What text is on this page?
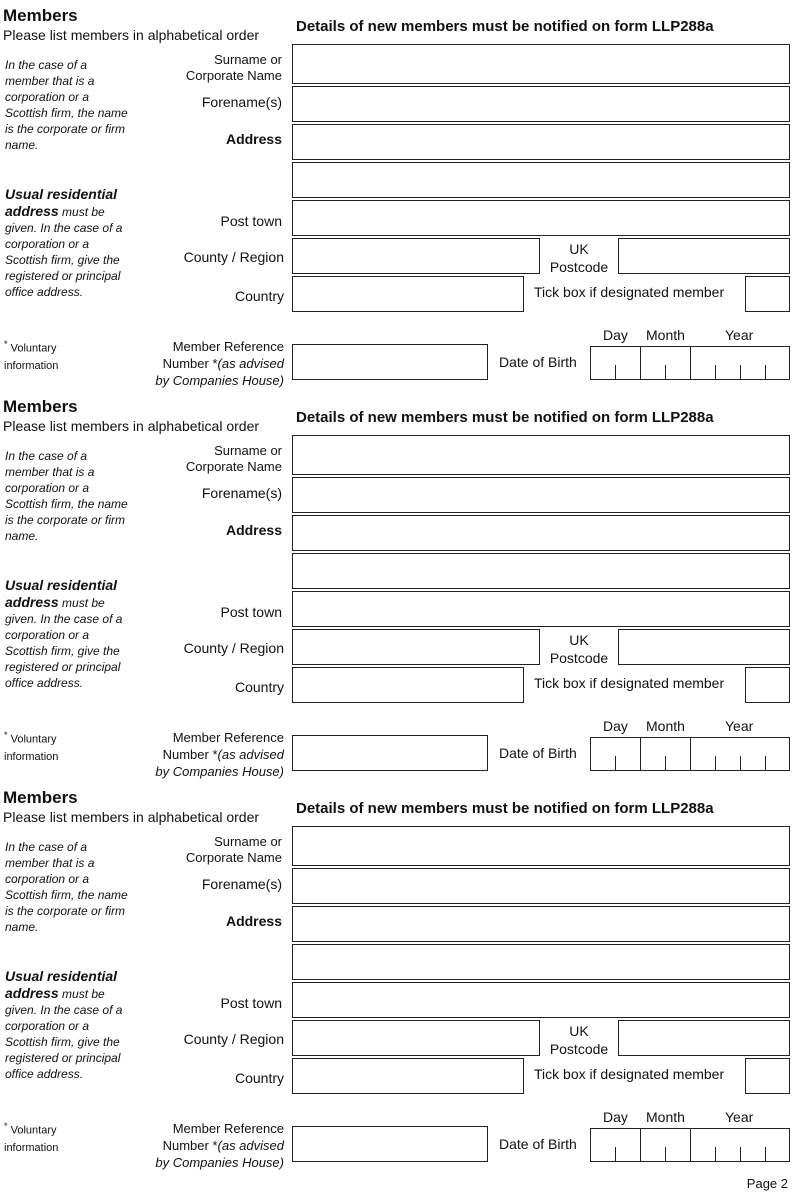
Members
Please list members in alphabetical order Details of new members must be notified on form LLP288a
In the case of a member that is a corporation or a Scottish firm, the name is the corporate or firm name.
Usual residential address must be given. In the case of a corporation or a Scottish firm, give the registered or principal office address.
* Voluntary information
Surname or
Corporate Name
Forename(s)
Address
Post town
County / Region
Country
UK
Postcode
Tick box if designated member
Member Reference
Number *(as advised
by Companies House)
Date of Birth
Day Month	Year
Members
Please list members in alphabetical order Details of new members must be notified on form LLP288a
In the case of a member that is a corporation or a Scottish firm, the name is the corporate or firm name.
Usual residential address must be given. In the case of a corporation or a Scottish firm, give the registered or principal office address.
* Voluntary information
Surname or
Corporate Name
Forename(s)
Address
Post town
County / Region
Country
UK
Postcode
Tick box if designated member
Member Reference
Number *(as advised
by Companies House)
Date of Birth
Day Month	Year
Members
Please list members in alphabetical order Details of new members must be notified on form LLP288a
In the case of a member that is a corporation or a Scottish firm, the name is the corporate or firm name.
Usual residential address must be given. In the case of a corporation or a Scottish firm, give the registered or principal office address.
* Voluntary information
Surname or
Corporate Name
Forename(s)
Address
Post town
County / Region
Country
UK
Postcode
Tick box if designated member
Member Reference
Number *(as advised
by Companies House)
Date of Birth
Day Month	Year
Page 2
